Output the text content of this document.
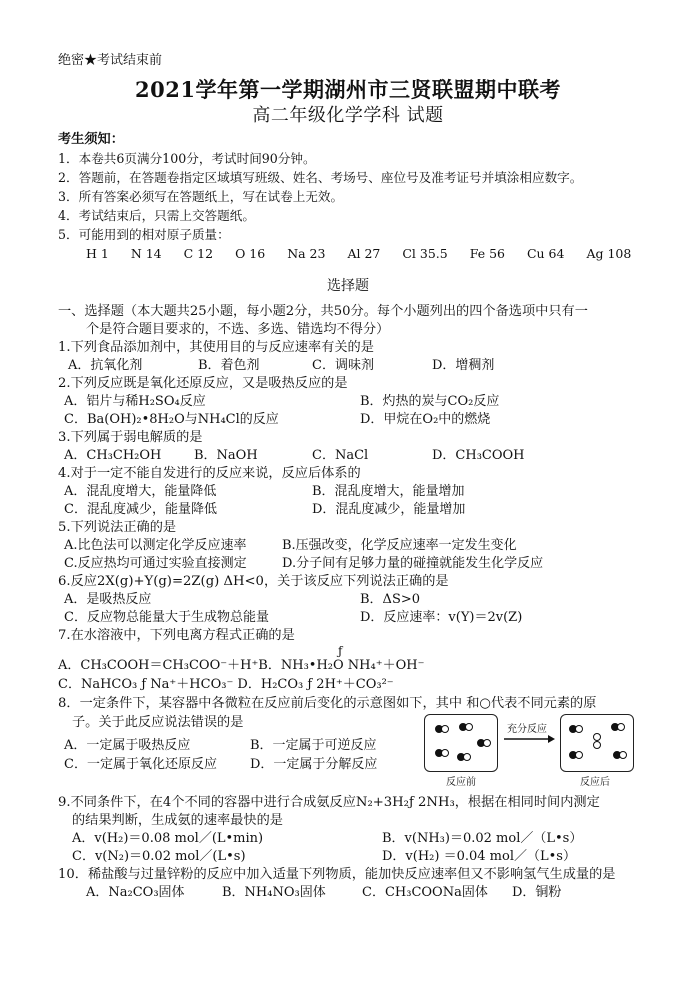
绝密★考试结束前
2021学年第一学期湖州市三贤联盟期中联考
高二年级化学学科 试题
考生须知：
1．本卷共6页满分100分，考试时间90分钟。
2．答题前，在答题卷指定区域填写班级、姓名、考场号、座位号及准考证号并填涂相应数字。
3．所有答案必须写在答题纸上，写在试卷上无效。
4．考试结束后，只需上交答题纸。
5．可能用到的相对原子质量：
H 1 N 14 C 12 O 16 Na 23 Al 27 Cl 35.5 Fe 56 Cu 64 Ag 108
选择题
一、选择题（本大题共25小题，每小题2分，共50分。每个小题列出的四个备选项中只有一
个是符合题目要求的，不选、多选、错选均不得分）
1.下列食品添加剂中，其使用目的与反应速率有关的是
A．抗氧化剂	B．着色剂	C．调味剂	D．增稠剂
2.下列反应既是氧化还原反应，又是吸热反应的是
A．铝片与稀H₂SO₄反应	B．灼热的炭与CO₂反应
C．Ba(OH)₂•8H₂O与NH₄Cl的反应	D．甲烷在O₂中的燃烧
3.下列属于弱电解质的是
A．CH₃CH₂OH	B．NaOH	C．NaCl	D．CH₃COOH
4.对于一定不能自发进行的反应来说，反应后体系的
A．混乱度增大，能量降低	B．混乱度增大，能量增加
C．混乱度减少，能量降低	D．混乱度减少，能量增加
5.下列说法正确的是
A.比色法可以测定化学反应速率	B.压强改变，化学反应速率一定发生变化
C.反应热均可通过实验直接测定	D.分子间有足够力量的碰撞就能发生化学反应
6.反应2X(g)+Y(g)=2Z(g) ΔH<0，关于该反应下列说法正确的是
A．是吸热反应	B．ΔS>0
C．反应物总能量大于生成物总能量	D．反应速率：v(Y)＝2v(Z)
7.在水溶液中，下列电离方程式正确的是
ƒ
A．CH₃COOH＝CH₃COO⁻＋H⁺B．NH₃•H₂O NH₄⁺＋OH⁻
C．NaHCO₃ ƒ Na⁺＋HCO₃⁻ D．H₂CO₃ ƒ 2H⁺＋CO₃²⁻
8．一定条件下，某容器中各微粒在反应前后变化的示意图如下，其中 和○代表不同元素的原
子。关于此反应说法错误的是
A．一定属于吸热反应	B．一定属于可逆反应
C．一定属于氧化还原反应	D．一定属于分解反应
充分反应
反应前	反应后
9.不同条件下，在4个不同的容器中进行合成氨反应N₂+3H₂ƒ 2NH₃，根据在相同时间内测定
的结果判断，生成氨的速率最快的是
A．v(H₂)＝0.08 mol／(L•min)	B．v(NH₃)＝0.02 mol／（L•s）
C．v(N₂)＝0.02 mol／(L•s)	D．v(H₂) ＝0.04 mol／（L•s）
10．稀盐酸与过量锌粉的反应中加入适量下列物质，能加快反应速率但又不影响氢气生成量的是
A．Na₂CO₃固体	B．NH₄NO₃固体	C．CH₃COONa固体 D．铜粉
